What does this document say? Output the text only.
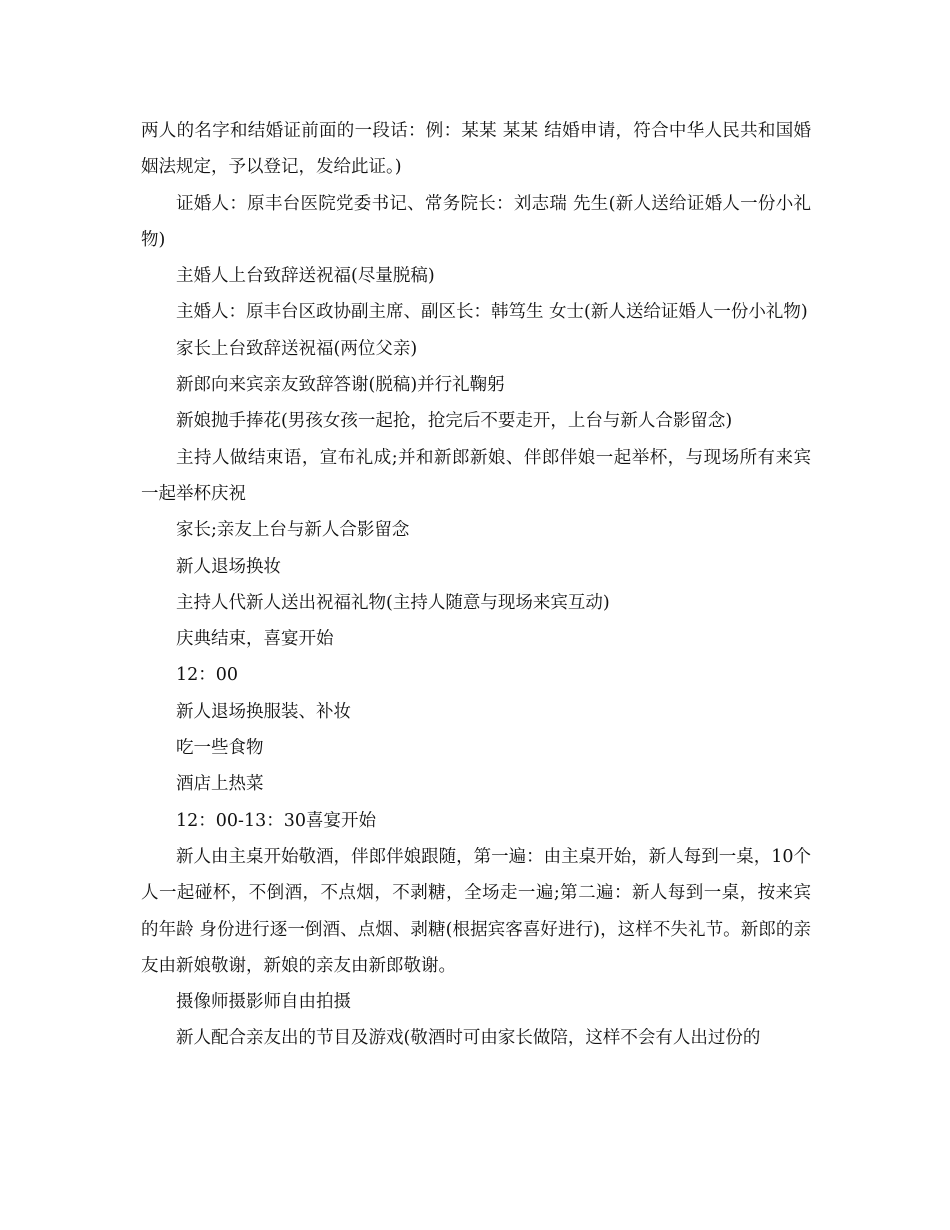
两人的名字和结婚证前面的一段话：例：某某 某某 结婚申请，符合中华人民共和国婚姻法规定，予以登记，发给此证。)

证婚人：原丰台医院党委书记、常务院长：刘志瑞 先生(新人送给证婚人一份小礼物)

主婚人上台致辞送祝福(尽量脱稿)

主婚人：原丰台区政协副主席、副区长：韩笃生 女士(新人送给证婚人一份小礼物)

家长上台致辞送祝福(两位父亲)

新郎向来宾亲友致辞答谢(脱稿)并行礼鞠躬

新娘抛手捧花(男孩女孩一起抢，抢完后不要走开，上台与新人合影留念)

主持人做结束语，宣布礼成;并和新郎新娘、伴郎伴娘一起举杯，与现场所有来宾一起举杯庆祝

家长;亲友上台与新人合影留念

新人退场换妆

主持人代新人送出祝福礼物(主持人随意与现场来宾互动)

庆典结束，喜宴开始

12：00

新人退场换服装、补妆

吃一些食物

酒店上热菜

12：00-13：30喜宴开始

新人由主桌开始敬酒，伴郎伴娘跟随，第一遍：由主桌开始，新人每到一桌，10个人一起碰杯，不倒酒，不点烟，不剥糖，全场走一遍;第二遍：新人每到一桌，按来宾的年龄 身份进行逐一倒酒、点烟、剥糖(根据宾客喜好进行)，这样不失礼节。新郎的亲友由新娘敬谢，新娘的亲友由新郎敬谢。

摄像师摄影师自由拍摄

新人配合亲友出的节目及游戏(敬酒时可由家长做陪，这样不会有人出过份的
